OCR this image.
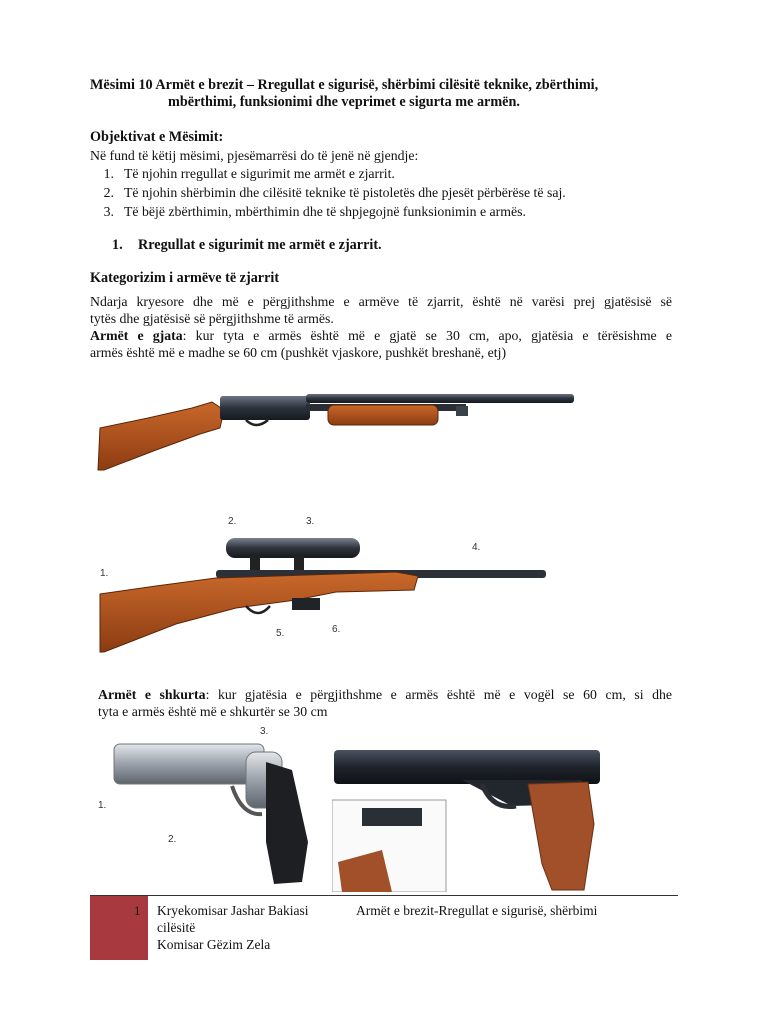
Mësimi 10 Armët e brezit – Rregullat e sigurisë, shërbimi cilësitë teknike, zbërthimi,
mbërthimi, funksionimi dhe veprimet e sigurta me armën.
Objektivat e Mësimit:
Në fund të këtij mësimi, pjesëmarrësi do të jenë në gjendje:
1. Të njohin rregullat e sigurimit me armët e zjarrit.
2. Të njohin shërbimin dhe cilësitë teknike të pistoletës dhe pjesët përbërëse të saj.
3. Të bëjë zbërthimin, mbërthimin dhe të shpjegojnë funksionimin e armës.
1. Rregullat e sigurimit me armët e zjarrit.
Kategorizim i armëve të zjarrit
Ndarja kryesore dhe më e përgjithshme e armëve të zjarrit, është në varësi prej gjatësisë së
tytës dhe gjatësisë së përgjithshme të armës.
Armët e gjata: kur tyta e armës është më e gjatë se 30 cm, apo, gjatësia e tërësishme e
armës është më e madhe se 60 cm (pushkët vjaskore, pushkët breshanë, etj)
1.
2.	3.
4.
5.	6.
Armët e shkurta: kur gjatësia e përgjithshme e armës është më e vogël se 60 cm, si dhe
tyta e armës është më e shkurtër se 30 cm
1.
2.
3.
1 Kryekomisar Jashar Bakiasi
cilësitë
Komisar Gëzim Zela
Armët e brezit-Rregullat e sigurisë, shërbimi
